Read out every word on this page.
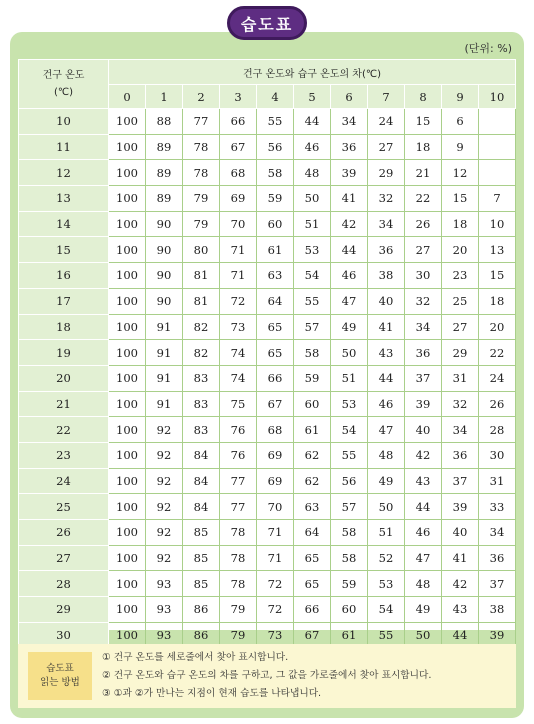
습도표
(단위: %)
건구 온도
(℃)	건구 온도와 습구 온도의 차(℃)										
	0	1	2	3	4	5	6	7	8	9	10
10	100	88	77	66	55	44	34	24	15	6	
11	100	89	78	67	56	46	36	27	18	9	
12	100	89	78	68	58	48	39	29	21	12	
13	100	89	79	69	59	50	41	32	22	15	7
14	100	90	79	70	60	51	42	34	26	18	10
15	100	90	80	71	61	53	44	36	27	20	13
16	100	90	81	71	63	54	46	38	30	23	15
17	100	90	81	72	64	55	47	40	32	25	18
18	100	91	82	73	65	57	49	41	34	27	20
19	100	91	82	74	65	58	50	43	36	29	22
20	100	91	83	74	66	59	51	44	37	31	24
21	100	91	83	75	67	60	53	46	39	32	26
22	100	92	83	76	68	61	54	47	40	34	28
23	100	92	84	76	69	62	55	48	42	36	30
24	100	92	84	77	69	62	56	49	43	37	31
25	100	92	84	77	70	63	57	50	44	39	33
26	100	92	85	78	71	64	58	51	46	40	34
27	100	92	85	78	71	65	58	52	47	41	36
28	100	93	85	78	72	65	59	53	48	42	37
29	100	93	86	79	72	66	60	54	49	43	38
30	100	93	86	79	73	67	61	55	50	44	39
습도표
읽는 방법
① 건구 온도를 세로줄에서 찾아 표시합니다.
② 건구 온도와 습구 온도의 차를 구하고, 그 값을 가로줄에서 찾아 표시합니다.
③ ①과 ②가 만나는 지점이 현재 습도를 나타냅니다.
